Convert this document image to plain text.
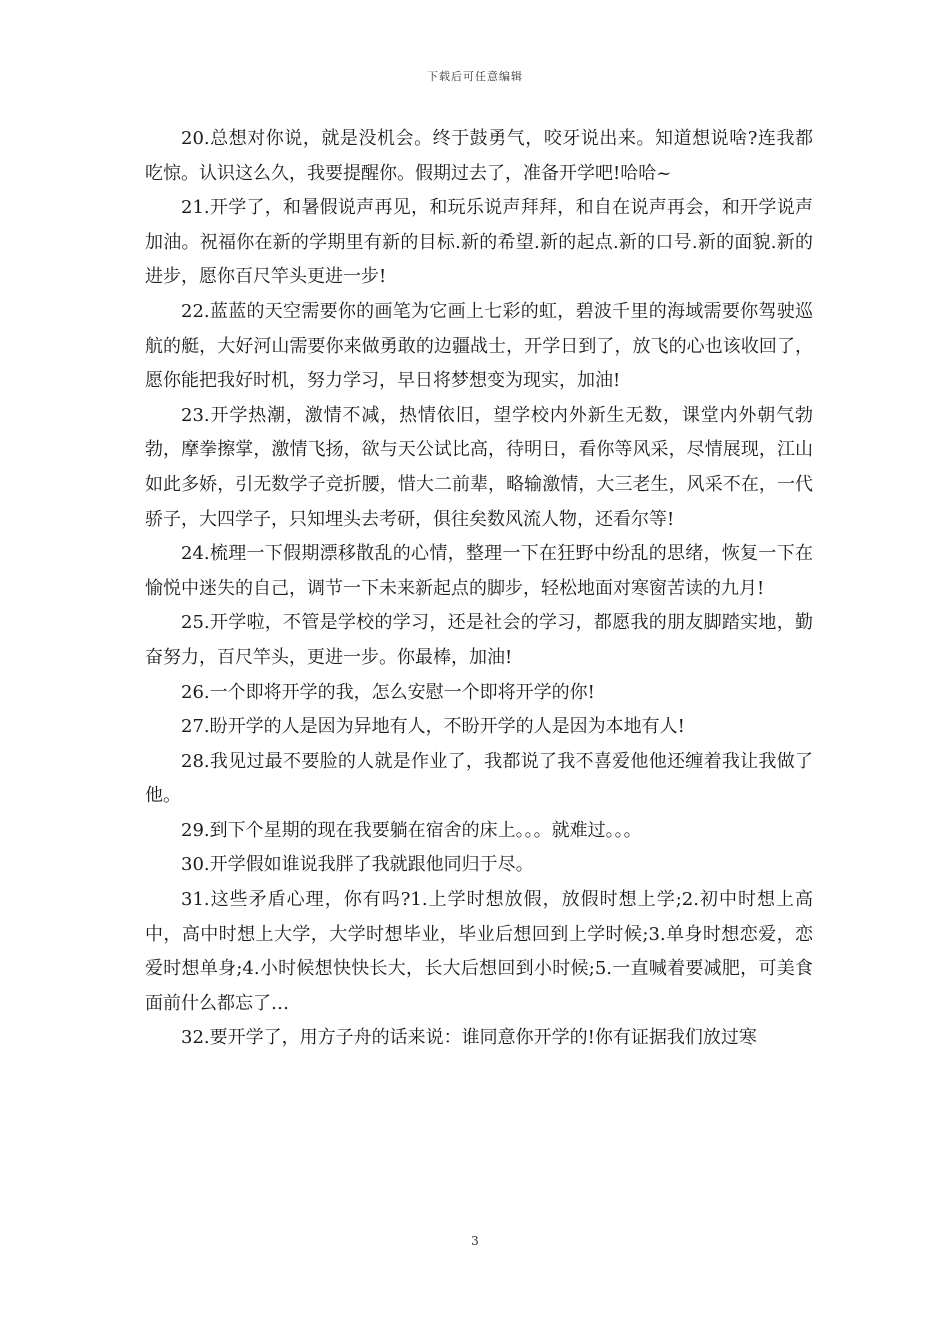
下载后可任意编辑

20.总想对你说，就是没机会。终于鼓勇气，咬牙说出来。知道想说啥?连我都吃惊。认识这么久，我要提醒你。假期过去了，准备开学吧!哈哈~

21.开学了，和暑假说声再见，和玩乐说声拜拜，和自在说声再会，和开学说声加油。祝福你在新的学期里有新的目标.新的希望.新的起点.新的口号.新的面貌.新的进步，愿你百尺竿头更进一步!

22.蓝蓝的天空需要你的画笔为它画上七彩的虹，碧波千里的海域需要你驾驶巡航的艇，大好河山需要你来做勇敢的边疆战士，开学日到了，放飞的心也该收回了，愿你能把我好时机，努力学习，早日将梦想变为现实，加油!

23.开学热潮，激情不减，热情依旧，望学校内外新生无数，课堂内外朝气勃勃，摩拳擦掌，激情飞扬，欲与天公试比高，待明日，看你等风采，尽情展现，江山如此多娇，引无数学子竞折腰，惜大二前辈，略输激情，大三老生，风采不在，一代骄子，大四学子，只知埋头去考研，俱往矣数风流人物，还看尔等!

24.梳理一下假期漂移散乱的心情，整理一下在狂野中纷乱的思绪，恢复一下在愉悦中迷失的自己，调节一下未来新起点的脚步，轻松地面对寒窗苦读的九月!

25.开学啦，不管是学校的学习，还是社会的学习，都愿我的朋友脚踏实地，勤奋努力，百尺竿头，更进一步。你最棒，加油!

26.一个即将开学的我，怎么安慰一个即将开学的你!

27.盼开学的人是因为异地有人，不盼开学的人是因为本地有人!

28.我见过最不要脸的人就是作业了，我都说了我不喜爱他他还缠着我让我做了他。

29.到下个星期的现在我要躺在宿舍的床上。。。就难过。。。

30.开学假如谁说我胖了我就跟他同归于尽。

31.这些矛盾心理，你有吗?1.上学时想放假，放假时想上学;2.初中时想上高中，高中时想上大学，大学时想毕业，毕业后想回到上学时候;3.单身时想恋爱，恋爱时想单身;4.小时候想快快长大，长大后想回到小时候;5.一直喊着要减肥，可美食面前什么都忘了…

32.要开学了，用方子舟的话来说：谁同意你开学的!你有证据我们放过寒

3
